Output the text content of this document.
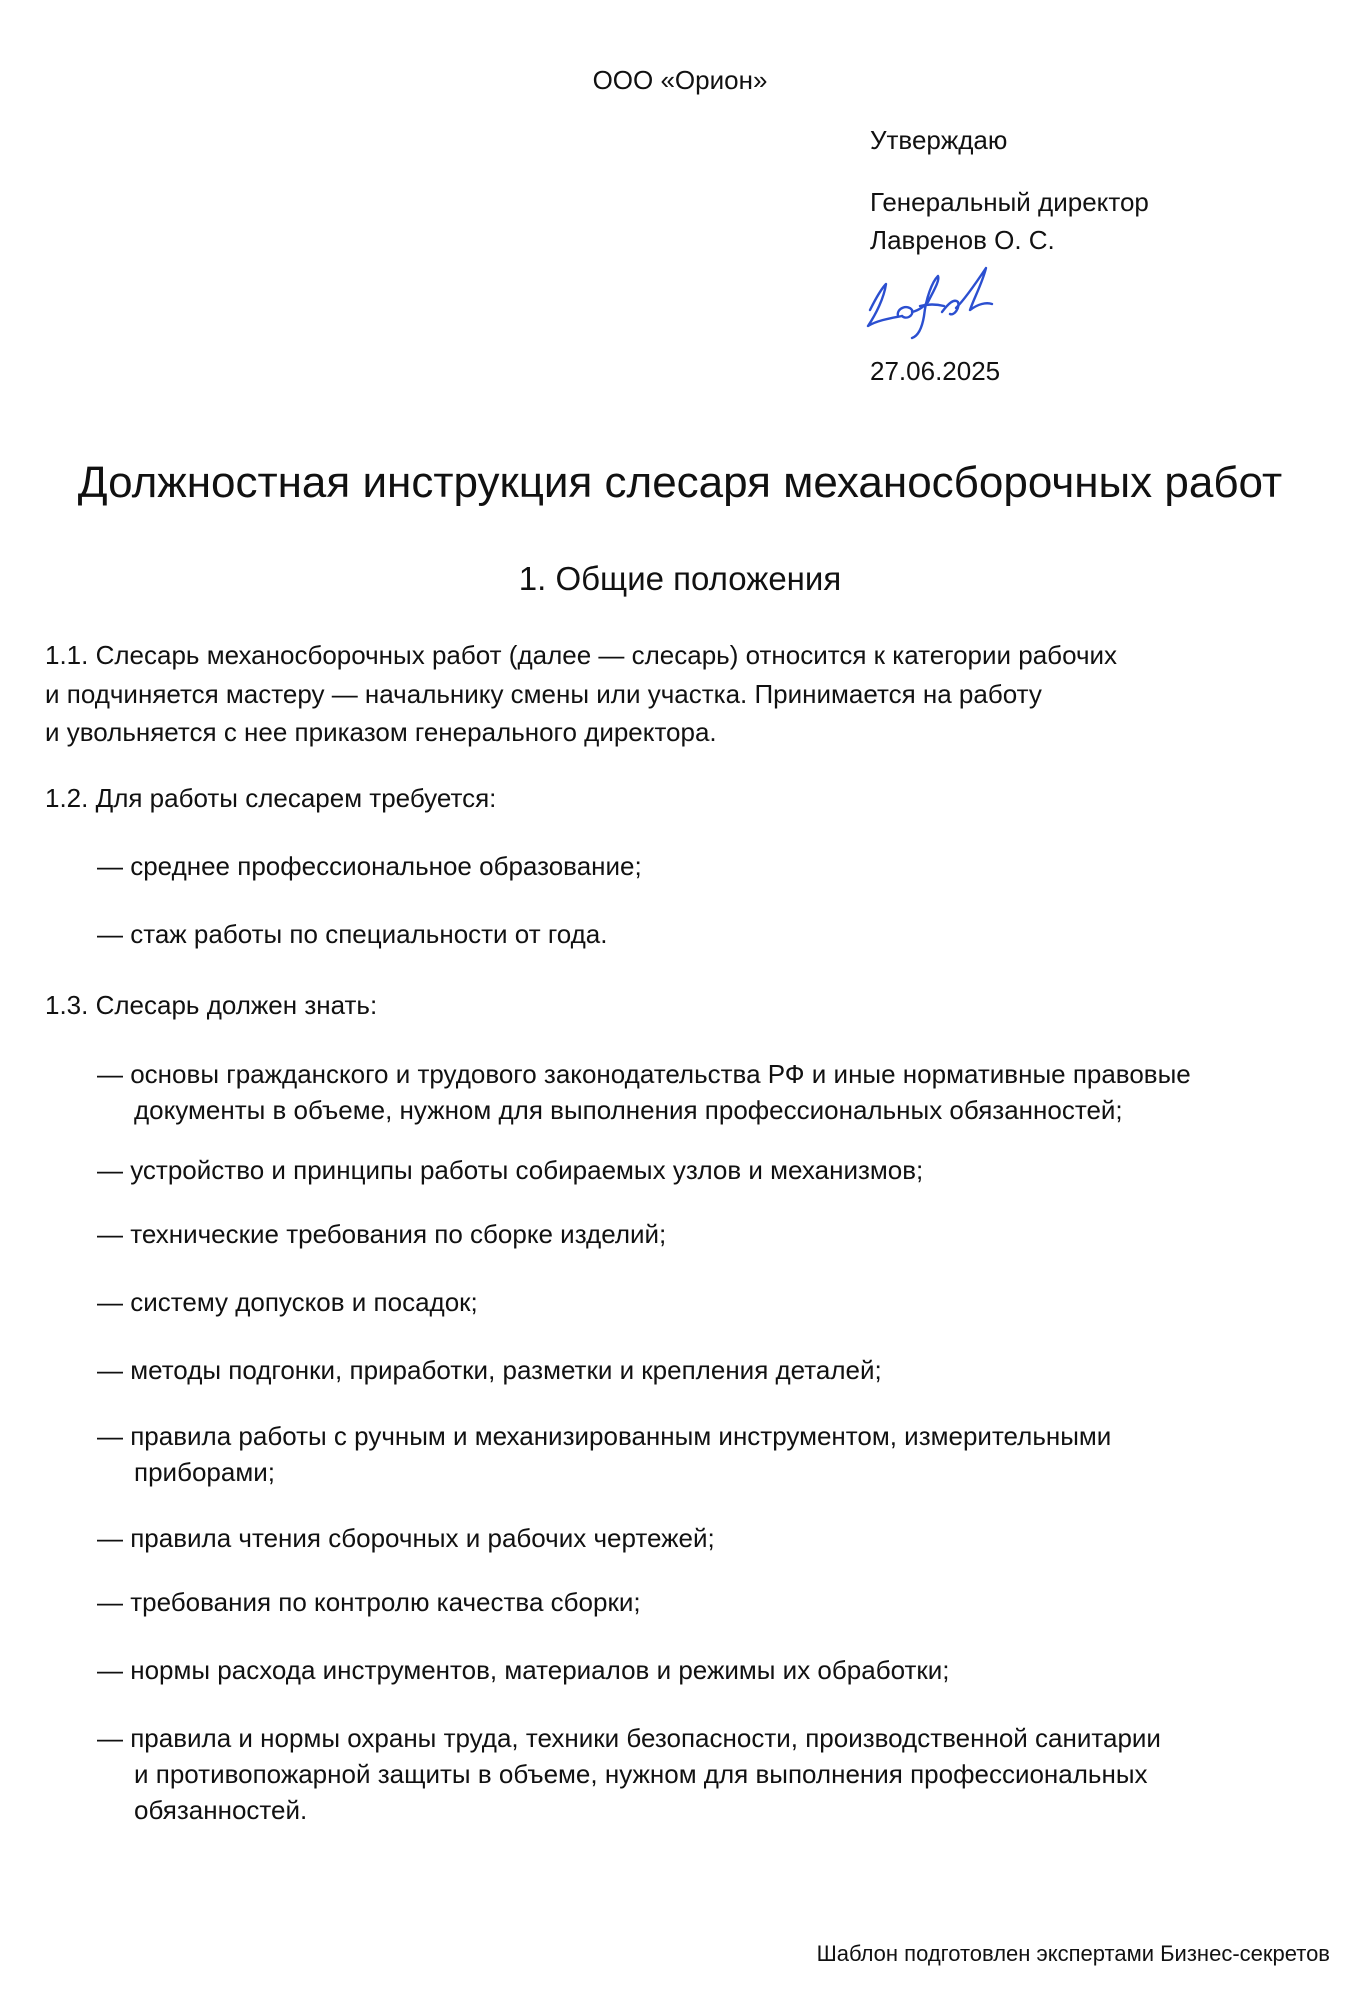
ООО «Орион»
Утверждаю
Генеральный директор
Лавренов О. С.
27.06.2025
Должностная инструкция слесаря механосборочных работ
1. Общие положения
1.1. Слесарь механосборочных работ (далее — слесарь) относится к категории рабочих
и подчиняется мастеру — начальнику смены или участка. Принимается на работу
и увольняется с нее приказом генерального директора.
1.2. Для работы слесарем требуется:
— среднее профессиональное образование;
— стаж работы по специальности от года.
1.3. Слесарь должен знать:
— основы гражданского и трудового законодательства РФ и иные нормативные правовые
документы в объеме, нужном для выполнения профессиональных обязанностей;
— устройство и принципы работы собираемых узлов и механизмов;
— технические требования по сборке изделий;
— систему допусков и посадок;
— методы подгонки, приработки, разметки и крепления деталей;
— правила работы с ручным и механизированным инструментом, измерительными
приборами;
— правила чтения сборочных и рабочих чертежей;
— требования по контролю качества сборки;
— нормы расхода инструментов, материалов и режимы их обработки;
— правила и нормы охраны труда, техники безопасности, производственной санитарии
и противопожарной защиты в объеме, нужном для выполнения профессиональных
обязанностей.
Шаблон подготовлен экспертами Бизнес-секретов
